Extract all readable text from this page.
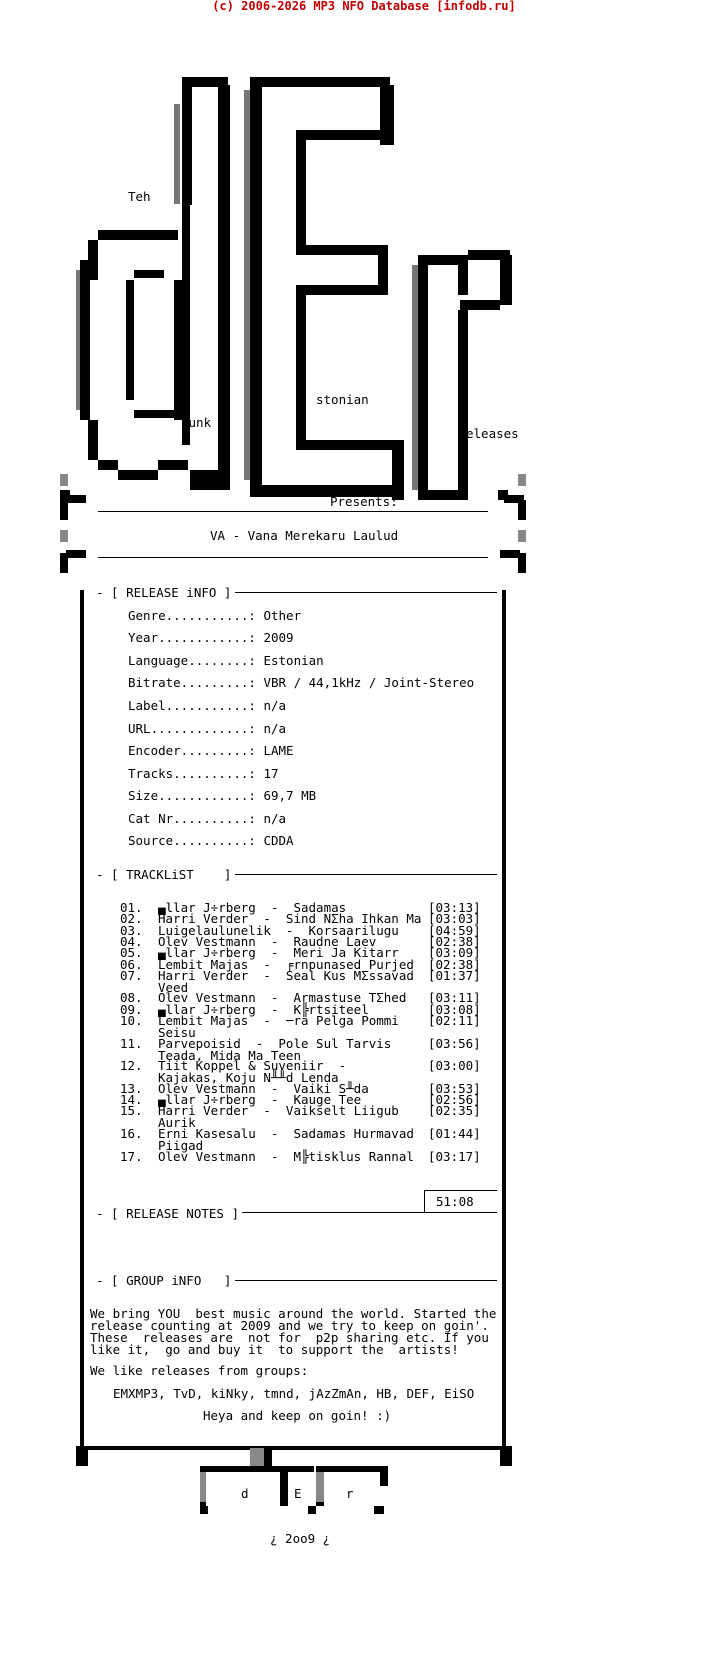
(c) 2006-2026 MP3 NFO Database [infodb.ru]
Teh
runk
stonian
eleases
Presents:
VA - Vana Merekaru Laulud
- [ RELEASE iNFO ]
Genre...........: Other
Year............: 2009
Language........: Estonian
Bitrate.........: VBR / 44,1kHz / Joint-Stereo
Label...........: n/a
URL.............: n/a
Encoder.........: LAME
Tracks..........: 17
Size............: 69,7 MB
Cat Nr..........: n/a
Source..........: CDDA
- [ TRACKLiST    ]
01. ▄llar J÷rberg  -  Sadamas	[03:13]
02. Harri Verder  -  Sind NΣha Ihkan Ma [03:03]
03. Luigelaulunelik  -  Korsaarilugu [04:59]
04. Olev Vestmann  -  Raudne Laev	[02:38]
05. ▄llar J÷rberg  -  Meri Ja Kitarr [03:09]
06. Lembit Majas  -  ╒rnpunased Purjed [02:38]
07. Harri Verder  -  Seal Kus MΣssavad
Veed
[01:37]
08. Olev Vestmann  -  Armastuse TΣhed [03:11]
09. ▄llar J÷rberg  -  K╠rtsiteel	[03:08]
10. Lembit Majas  -  ─ra Pelga Pommi
Seisu
[02:11]
11. Parvepoisid  -  Pole Sul Tarvis
Teada, Mida Ma Teen
[03:56]
12. Tiit Koppel & Suveniir  -
Kajakas, Koju N╨╨d Lenda
[03:00]
13. Olev Vestmann  -  Vaiki S╨da	[03:53]
14. ▄llar J÷rberg  -  Kauge Tee	[02:56]
15. Harri Verder  -  Vaikselt Liigub
Aurik
[02:35]
16. Erni Kasesalu  -  Sadamas Hurmavad
Piigad
[01:44]
17. Olev Vestmann  -  M╠tisklus Rannal [03:17]
51:08
- [ RELEASE NOTES ]
- [ GROUP iNFO   ]
We bring YOU  best music around the world. Started the
release counting at 2009 and we try to keep on goin'.
These  releases are  not for  p2p sharing etc. If you
like it,  go and buy it  to support the  artists!
We like releases from groups:
EMXMP3, TvD, kiNky, tmnd, jAzZmAn, HB, DEF, EiSO
Heya and keep on goin! :)
d	E	r
¿ 2oo9 ¿
